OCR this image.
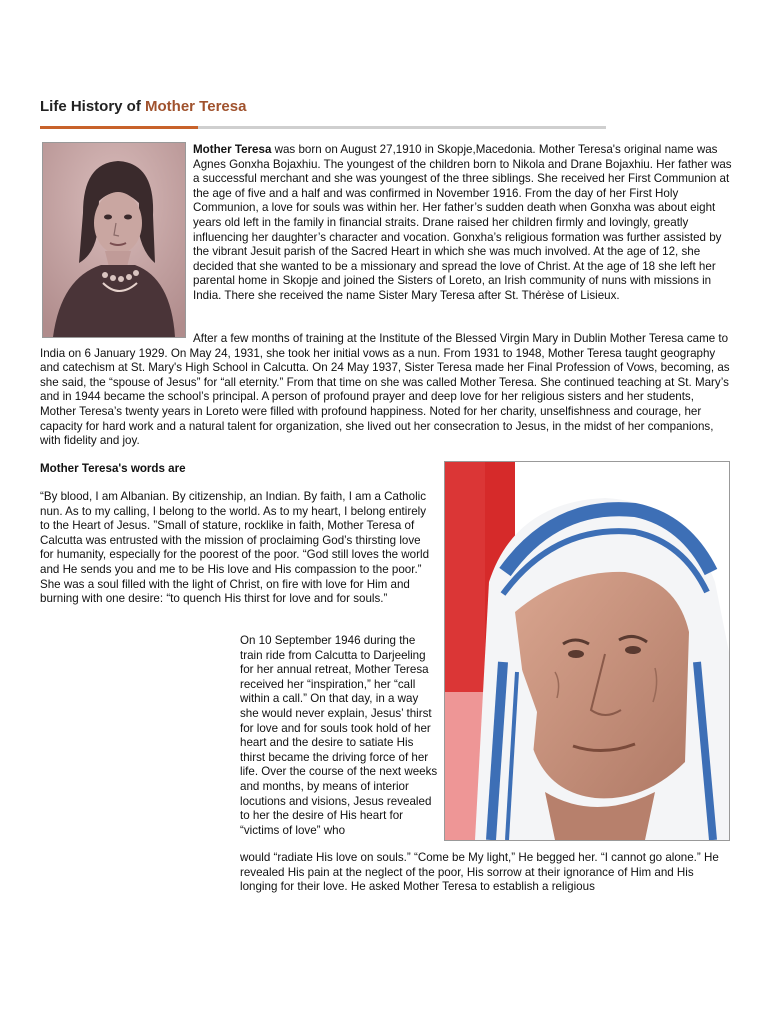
Life History of Mother Teresa

Mother Teresa was born on August 27,1910 in Skopje,Macedonia. Mother Teresa's original name was Agnes Gonxha Bojaxhiu. The youngest of the children born to Nikola and Drane Bojaxhiu. Her father was a successful merchant and she was youngest of the three siblings. She received her First Communion at the age of five and a half and was confirmed in November 1916. From the day of her First Holy Communion, a love for souls was within her. Her father’s sudden death when Gonxha was about eight years old left in the family in financial straits. Drane raised her children firmly and lovingly, greatly influencing her daughter’s character and vocation. Gonxha’s religious formation was further assisted by the vibrant Jesuit parish of the Sacred Heart in which she was much involved. At the age of 12, she decided that she wanted to be a missionary and spread the love of Christ. At the age of 18 she left her parental home in Skopje and joined the Sisters of Loreto, an Irish community of nuns with missions in India. There she received the name Sister Mary Teresa after St. Thérèse of Lisieux.

After a few months of training at the Institute of the Blessed Virgin Mary in Dublin Mother Teresa came to India on 6 January 1929. On May 24, 1931, she took her initial vows as a nun. From 1931 to 1948, Mother Teresa taught geography and catechism at St. Mary's High School in Calcutta. On 24 May 1937, Sister Teresa made her Final Profession of Vows, becoming, as she said, the “spouse of Jesus” for “all eternity.” From that time on she was called Mother Teresa. She continued teaching at St. Mary’s and in 1944 became the school’s principal. A person of profound prayer and deep love for her religious sisters and her students, Mother Teresa’s twenty years in Loreto were filled with profound happiness. Noted for her charity, unselfishness and courage, her capacity for hard work and a natural talent for organization, she lived out her consecration to Jesus, in the midst of her companions, with fidelity and joy.

Mother Teresa's words are

“By blood, I am Albanian. By citizenship, an Indian. By faith, I am a Catholic nun. As to my calling, I belong to the world. As to my heart, I belong entirely to the Heart of Jesus. ”Small of stature, rocklike in faith, Mother Teresa of Calcutta was entrusted with the mission of proclaiming God’s thirsting love for humanity, especially for the poorest of the poor. “God still loves the world and He sends you and me to be His love and His compassion to the poor.” She was a soul filled with the light of Christ, on fire with love for Him and burning with one desire: “to quench His thirst for love and for souls.”

On 10 September 1946 during the train ride from Calcutta to Darjeeling for her annual retreat, Mother Teresa received her “inspiration,” her “call within a call.” On that day, in a way she would never explain, Jesus’ thirst for love and for souls took hold of her heart and the desire to satiate His thirst became the driving force of her life. Over the course of the next weeks and months, by means of interior locutions and visions, Jesus revealed to her the desire of His heart for “victims of love” who

would “radiate His love on souls.” “Come be My light,” He begged her. “I cannot go alone.” He revealed His pain at the neglect of the poor, His sorrow at their ignorance of Him and His longing for their love. He asked Mother Teresa to establish a religious
